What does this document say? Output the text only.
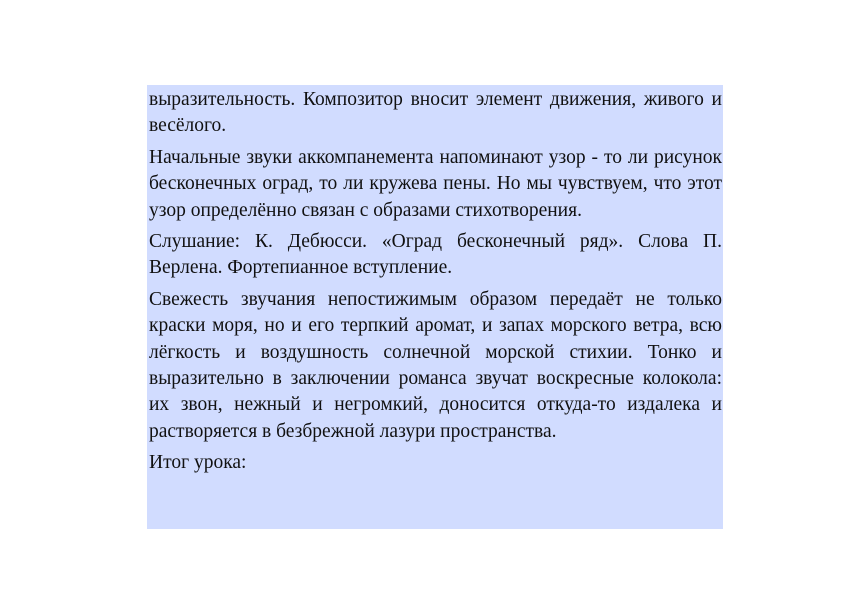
выразительность. Композитор вносит элемент движения, живого и весёлого.

Начальные звуки аккомпанемента напоминают узор - то ли рисунок бесконечных оград, то ли кружева пены. Но мы чувствуем, что этот узор определённо связан с образами стихотворения.

Слушание: К. Дебюсси. «Оград бесконечный ряд». Слова П. Верлена. Фортепианное вступление.

Свежесть звучания непостижимым образом передаёт не только краски моря, но и его терпкий аромат, и запах морского ветра, всю лёгкость и воздушность солнечной морской стихии. Тонко и выразительно в заключении романса звучат воскресные колокола: их звон, нежный и негромкий, доносится откуда-то издалека и растворяется в безбрежной лазури пространства.

Итог урока:
